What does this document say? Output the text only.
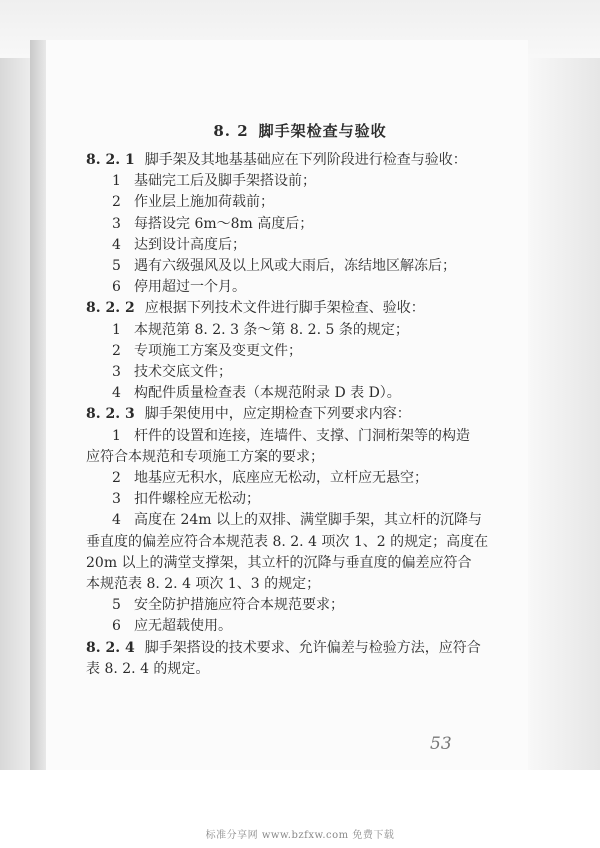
8. 2 脚手架检查与验收
8. 2. 1 脚手架及其地基基础应在下列阶段进行检查与验收：
1 基础完工后及脚手架搭设前；
2 作业层上施加荷载前；
3 每搭设完 6m～8m 高度后；
4 达到设计高度后；
5 遇有六级强风及以上风或大雨后，冻结地区解冻后；
6 停用超过一个月。
8. 2. 2 应根据下列技术文件进行脚手架检查、验收：
1 本规范第 8. 2. 3 条～第 8. 2. 5 条的规定；
2 专项施工方案及变更文件；
3 技术交底文件；
4 构配件质量检查表（本规范附录 D 表 D）。
8. 2. 3 脚手架使用中，应定期检查下列要求内容：
1 杆件的设置和连接，连墙件、支撑、门洞桁架等的构造
应符合本规范和专项施工方案的要求；
2 地基应无积水，底座应无松动，立杆应无悬空；
3 扣件螺栓应无松动；
4 高度在 24m 以上的双排、满堂脚手架，其立杆的沉降与
垂直度的偏差应符合本规范表 8. 2. 4 项次 1、2 的规定；高度在
20m 以上的满堂支撑架，其立杆的沉降与垂直度的偏差应符合
本规范表 8. 2. 4 项次 1、3 的规定；
5 安全防护措施应符合本规范要求；
6 应无超载使用。
8. 2. 4 脚手架搭设的技术要求、允许偏差与检验方法，应符合
表 8. 2. 4 的规定。
53
标准分享网 www.bzfxw.com 免费下载
